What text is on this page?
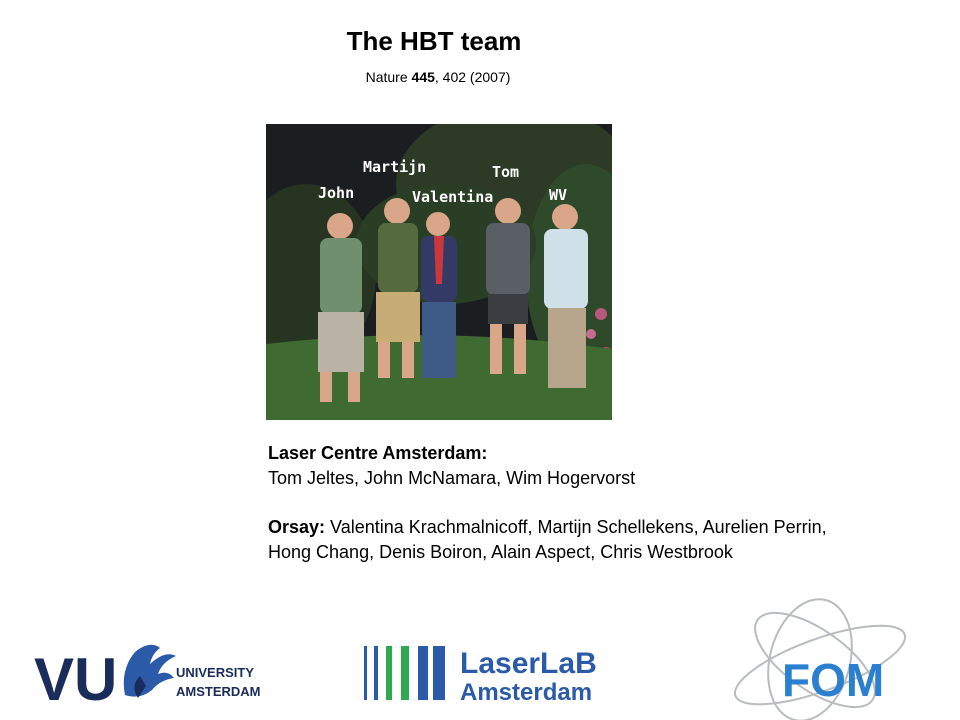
The HBT team
Nature 445, 402 (2007)
John
Martijn
Valentina
Tom
WV

Laser Centre Amsterdam:

Tom Jeltes, John McNamara, Wim Hogervorst

Orsay: Valentina Krachmalnicoff, Martijn Schellekens, Aurelien Perrin, Hong Chang, Denis Boiron, Alain Aspect, Chris Westbrook

VU	UNIVERSITY
AMSTERDAM
LaserLaB
Amsterdam	FOM
